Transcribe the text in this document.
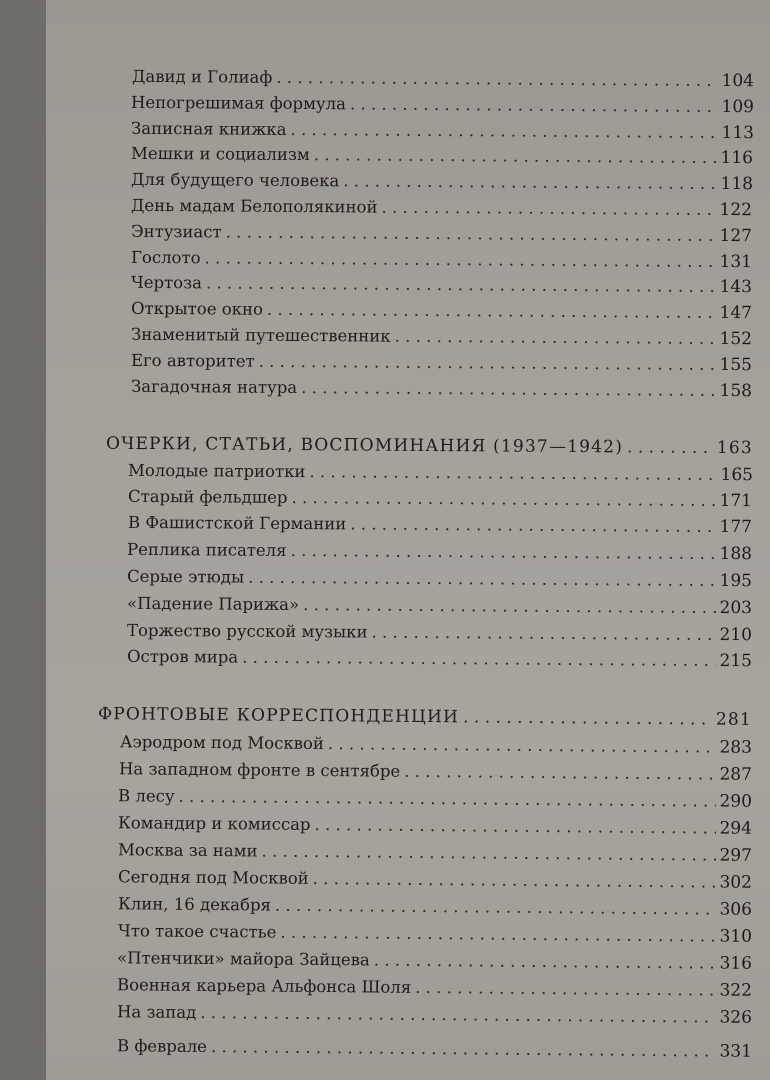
Давид и Голиаф . . .	104
Непогрешимая формула . . .	109
Записная книжка . . .	113
Мешки и социализм . . .	116
Для будущего человека . . .	118
День мадам Белополякиной . . .	122
Энтузиаст . . .	127
Гослото . . .	131
Чертоза . . .	143
Открытое окно . . .	147
Знаменитый путешественник . . .	152
Его авторитет . . .	155
Загадочная натура . . .	158
ОЧЕРКИ, СТАТЬИ, ВОСПОМИНАНИЯ (1937—1942) . . .	163
Молодые патриотки . . .	165
Старый фельдшер . . .	171
В Фашистской Германии . . .	177
Реплика писателя . . .	188
Серые этюды . . .	195
«Падение Парижа» . . .	203
Торжество русской музыки . . .	210
Остров мира . . .	215
ФРОНТОВЫЕ КОРРЕСПОНДЕНЦИИ . . .	281
Аэродром под Москвой . . .	283
На западном фронте в сентябре . . .	287
В лесу . . .	290
Командир и комиссар . . .	294
Москва за нами . . .	297
Сегодня под Москвой . . .	302
Клин, 16 декабря . . .	306
Что такое счастье . . .	310
«Птенчики» майора Зайцева . . .	316
Военная карьера Альфонса Шоля . . .	322
На запад . . .	326
В феврале . . .	331
